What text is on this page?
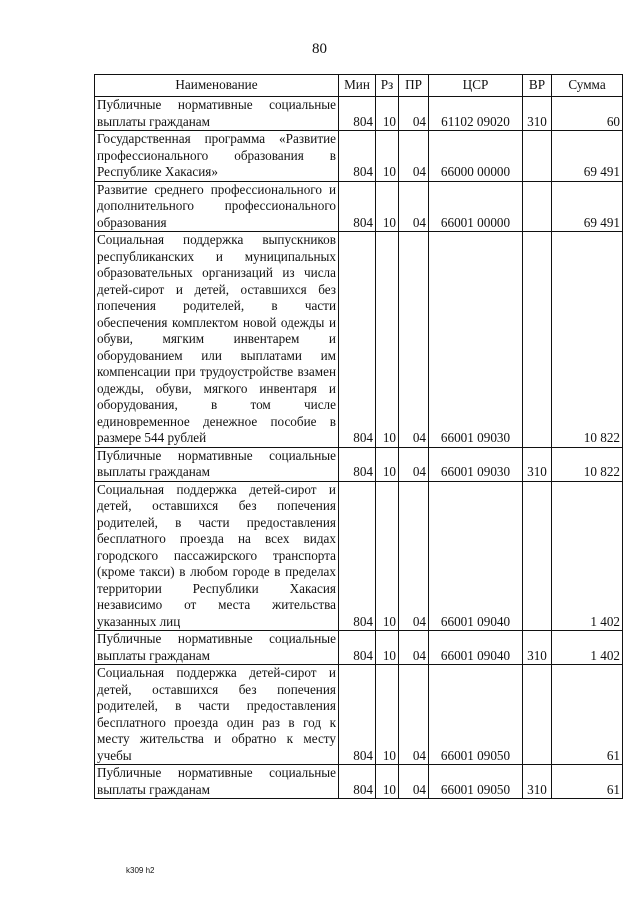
80
Наименование	Мин	Рз	ПР	ЦСР	ВР	Сумма
Публичные нормативные социальные выплаты гражданам	804	10	04	61102 09020	310	60
Государственная программа «Развитие профессионального образования в Республике Хакасия»	804	10	04	66000 00000		69 491
Развитие среднего профессионального и дополнительного профессионального образования	804	10	04	66001 00000		69 491
Социальная поддержка выпускников республиканских и муниципальных образовательных организаций из числа детей-сирот и детей, оставшихся без попечения родителей, в части обеспечения комплектом новой одежды и обуви, мягким инвентарем и оборудованием или выплатами им компенсации при трудоустройстве взамен одежды, обуви, мягкого инвентаря и оборудования, в том числе единовременное денежное пособие в размере 544 рублей	804	10	04	66001 09030		10 822
Публичные нормативные социальные выплаты гражданам	804	10	04	66001 09030	310	10 822
Социальная поддержка детей-сирот и детей, оставшихся без попечения родителей, в части предоставления бесплатного проезда на всех видах городского пассажирского транспорта (кроме такси) в любом городе в пределах территории Республики Хакасия независимо от места жительства указанных лиц	804	10	04	66001 09040		1 402
Публичные нормативные социальные выплаты гражданам	804	10	04	66001 09040	310	1 402
Социальная поддержка детей-сирот и детей, оставшихся без попечения родителей, в части предоставления бесплатного проезда один раз в год к месту жительства и обратно к месту учебы	804	10	04	66001 09050		61
Публичные нормативные социальные выплаты гражданам	804	10	04	66001 09050	310	61
k309 h2
